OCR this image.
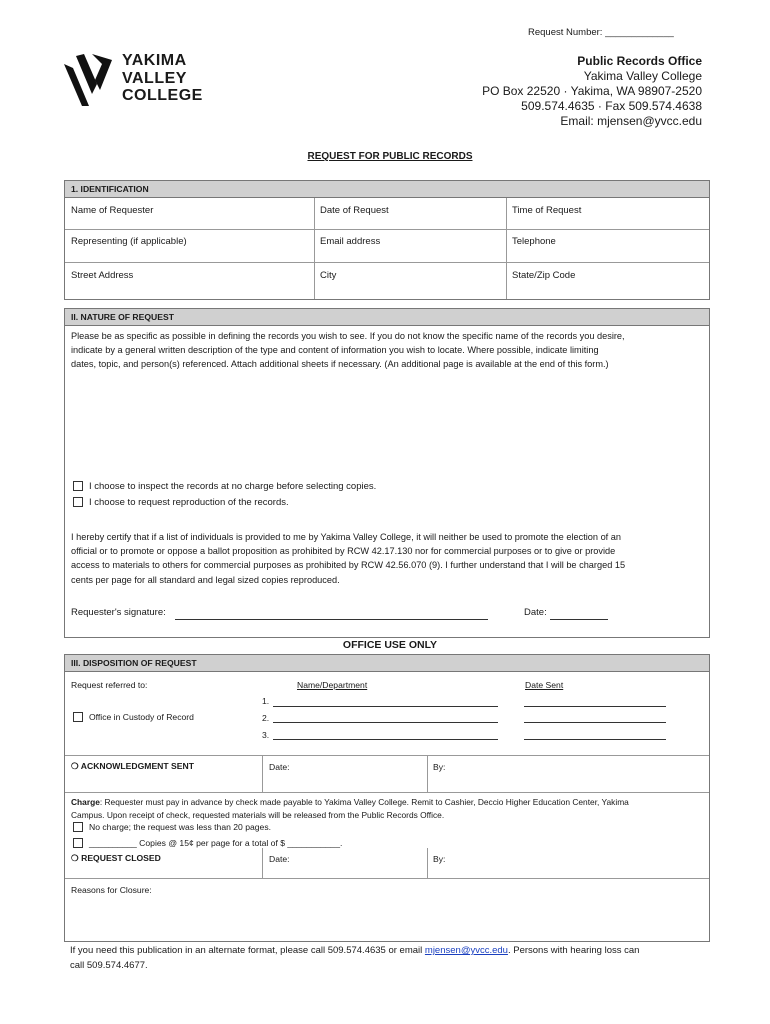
Request Number: _____________
YAKIMA
VALLEY
COLLEGE
Public Records Office
Yakima Valley College
PO Box 22520 · Yakima, WA 98907-2520
509.574.4635 · Fax 509.574.4638
Email: mjensen@yvcc.edu
REQUEST FOR PUBLIC RECORDS
1. IDENTIFICATION
Name of Requester	Date of Request	Time of Request
Representing (if applicable)	Email address	Telephone
Street Address	City	State/Zip Code
II. NATURE OF REQUEST
Please be as specific as possible in defining the records you wish to see. If you do not know the specific name of the records you desire,
indicate by a general written description of the type and content of information you wish to locate. Where possible, indicate limiting
dates, topic, and person(s) referenced. Attach additional sheets if necessary. (An additional page is available at the end of this form.)
I choose to inspect the records at no charge before selecting copies.
I choose to request reproduction of the records.
I hereby certify that if a list of individuals is provided to me by Yakima Valley College, it will neither be used to promote the election of an
official or to promote or oppose a ballot proposition as prohibited by RCW 42.17.130 nor for commercial purposes or to give or provide
access to materials to others for commercial purposes as prohibited by RCW 42.56.070 (9). I further understand that I will be charged 15
cents per page for all standard and legal sized copies reproduced.
Requester's signature:	Date:
OFFICE USE ONLY
III. DISPOSITION OF REQUEST
Request referred to:	Name/Department	Date Sent
1.
Office in Custody of Record	2.
3.
❍ ACKNOWLEDGMENT SENT	Date:	By:
Charge: Requester must pay in advance by check made payable to Yakima Valley College. Remit to Cashier, Deccio Higher Education Center, Yakima
Campus. Upon receipt of check, requested materials will be released from the Public Records Office.
No charge; the request was less than 20 pages.
__________ Copies @ 15¢ per page for a total of $ ___________.
❍ REQUEST CLOSED	Date:	By:
Reasons for Closure:
If you need this publication in an alternate format, please call 509.574.4635 or email mjensen@yvcc.edu. Persons with hearing loss can
call 509.574.4677.
